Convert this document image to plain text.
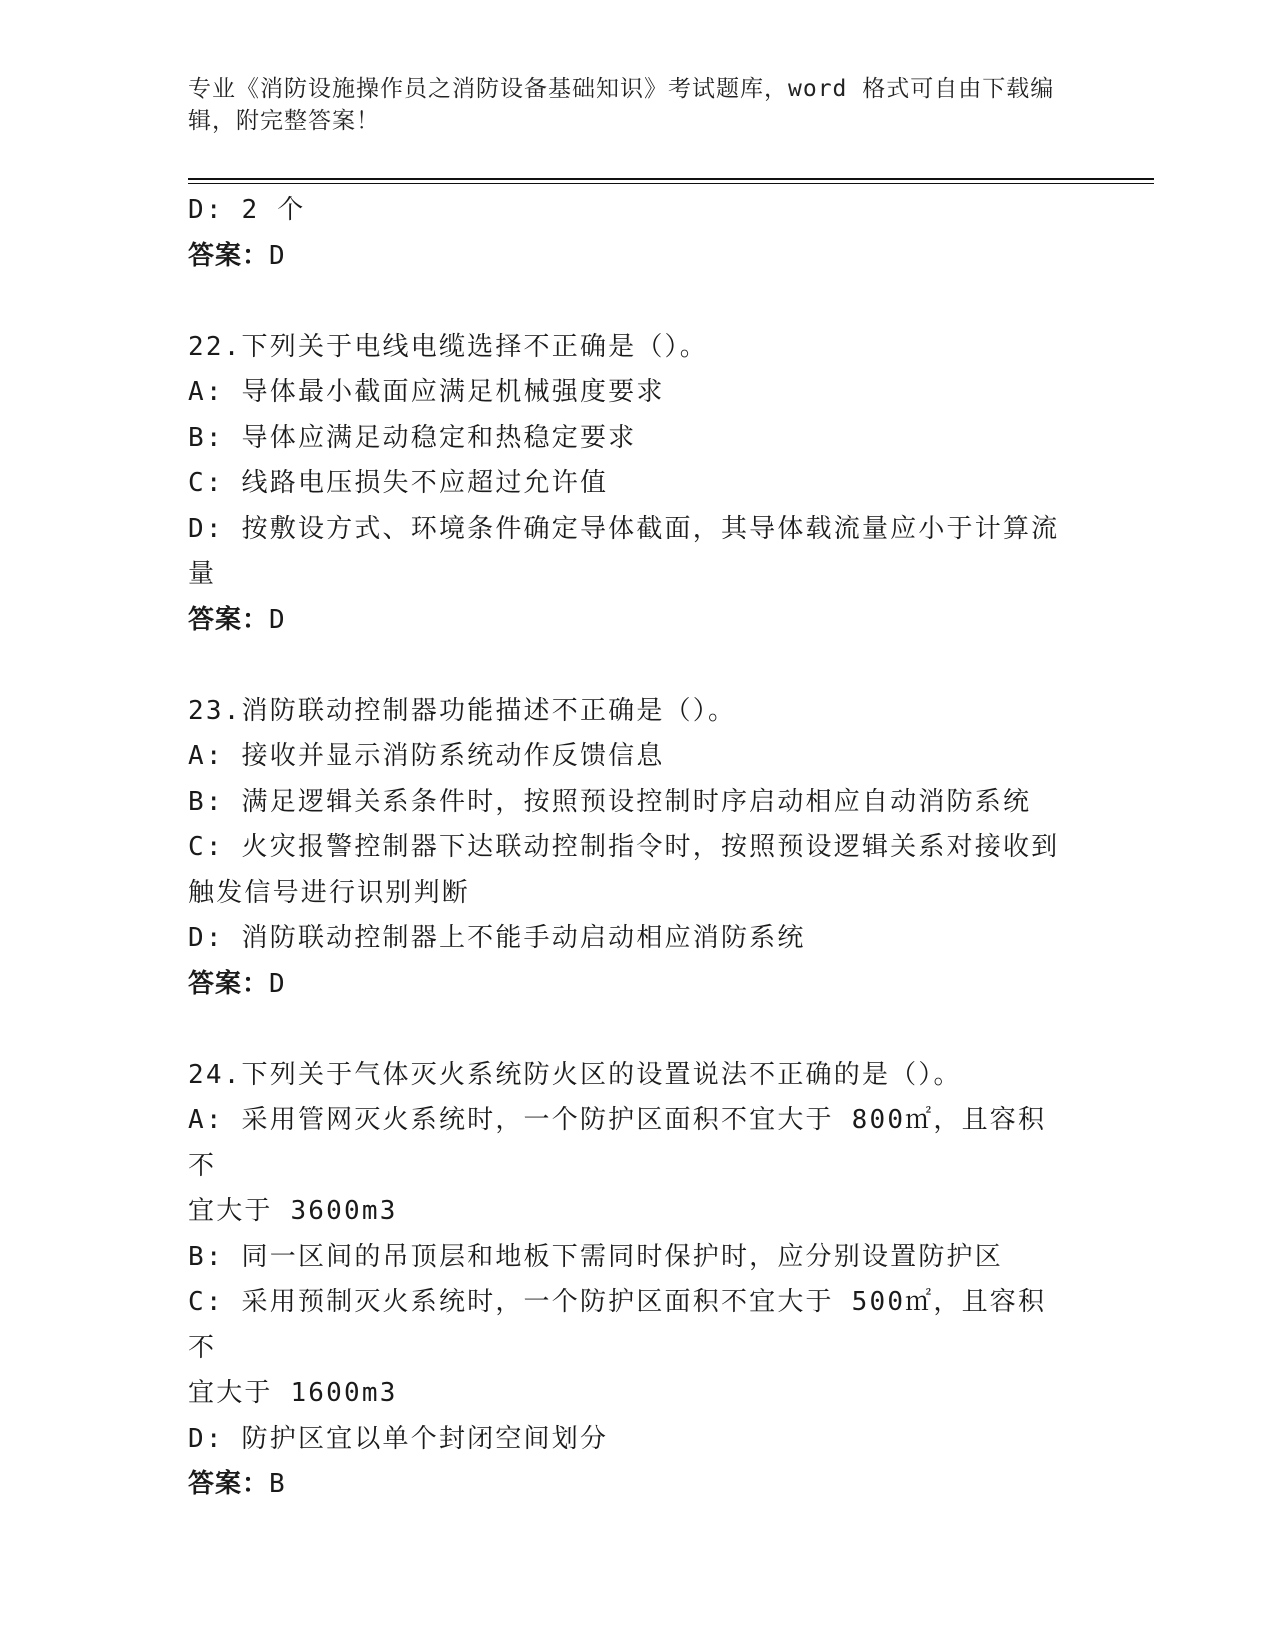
专业《消防设施操作员之消防设备基础知识》考试题库，word 格式可自由下载编
辑，附完整答案！
D: 2 个
答案：D
22.下列关于电线电缆选择不正确是（）。
A: 导体最小截面应满足机械强度要求
B: 导体应满足动稳定和热稳定要求
C: 线路电压损失不应超过允许值
D: 按敷设方式、环境条件确定导体截面，其导体载流量应小于计算流
量
答案：D
23.消防联动控制器功能描述不正确是（）。
A: 接收并显示消防系统动作反馈信息
B: 满足逻辑关系条件时，按照预设控制时序启动相应自动消防系统
C: 火灾报警控制器下达联动控制指令时，按照预设逻辑关系对接收到
触发信号进行识别判断
D: 消防联动控制器上不能手动启动相应消防系统
答案：D
24.下列关于气体灭火系统防火区的设置说法不正确的是（）。
A: 采用管网灭火系统时，一个防护区面积不宜大于 800㎡，且容积不
宜大于 3600m3
B: 同一区间的吊顶层和地板下需同时保护时，应分别设置防护区
C: 采用预制灭火系统时，一个防护区面积不宜大于 500㎡，且容积不
宜大于 1600m3
D: 防护区宜以单个封闭空间划分
答案：B
